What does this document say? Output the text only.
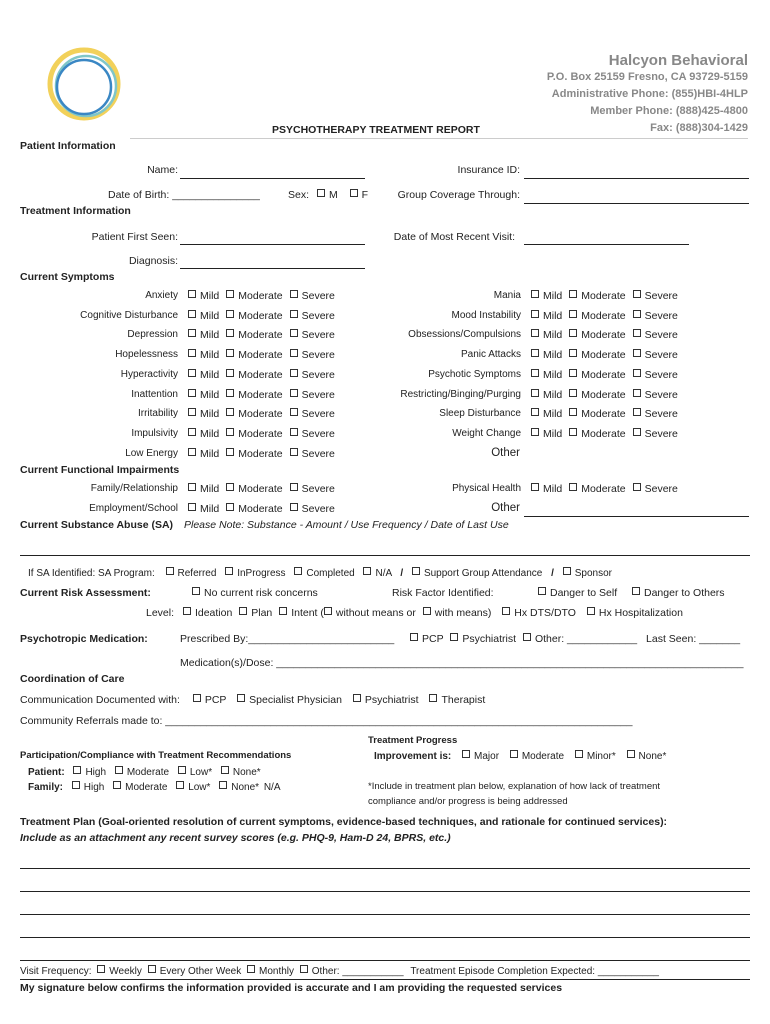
Halcyon Behavioral
P.O. Box 25159 Fresno, CA 93729-5159
Administrative Phone: (855)HBI-4HLP
Member Phone: (888)425-4800
Fax: (888)304-1429
PSYCHOTHERAPY TREATMENT REPORT
Patient Information
Name:	Insurance ID:
Date of Birth: _______________	Sex: M F	Group Coverage Through:
Treatment Information
Patient First Seen:	Date of Most Recent Visit:
Diagnosis:
Current Symptoms
Anxiety	Mild Moderate Severe
Cognitive Disturbance	Mild Moderate Severe
Depression	Mild Moderate Severe
Hopelessness	Mild Moderate Severe
Hyperactivity	Mild Moderate Severe
Inattention	Mild Moderate Severe
Irritability	Mild Moderate Severe
Impulsivity	Mild Moderate Severe
Low Energy	Mild Moderate Severe
Mania	Mild Moderate Severe
Mood Instability	Mild Moderate Severe
Obsessions/Compulsions	Mild Moderate Severe
Panic Attacks	Mild Moderate Severe
Psychotic Symptoms	Mild Moderate Severe
Restricting/Binging/Purging	Mild Moderate Severe
Sleep Disturbance	Mild Moderate Severe
Weight Change	Mild Moderate Severe
Other
Current Functional Impairments
Family/Relationship	Mild Moderate Severe
Employment/School	Mild Moderate Severe
Physical Health	Mild Moderate Severe
Other
Current Substance Abuse (SA) Please Note: Substance - Amount / Use Frequency / Date of Last Use
If SA Identified: SA Program: Referred InProgress Completed N/A / Support Group Attendance / Sponsor
Current Risk Assessment:	No current risk concerns	Risk Factor Identified:	Danger to Self	Danger to Others
Level: Ideation Plan Intent ( without means or with means) Hx DTS/DTO Hx Hospitalization
Psychotropic Medication:	Prescribed By:_________________________	PCP Psychiatrist Other: ____________ Last Seen: _______
Medication(s)/Dose: ________________________________________________________________________________
Coordination of Care
Communication Documented with: PCP Specialist Physician Psychiatrist Therapist
Community Referrals made to: ________________________________________________________________________________
Participation/Compliance with Treatment Recommendations
Patient: High Moderate Low* None*
Family: High Moderate Low* None* N/A
Treatment Progress
Improvement is: Major Moderate Minor* None*
*Include in treatment plan below, explanation of how lack of treatment
compliance and/or progress is being addressed
Treatment Plan (Goal-oriented resolution of current symptoms, evidence-based techniques, and rationale for continued services):
Include as an attachment any recent survey scores (e.g. PHQ-9, Ham-D 24, BPRS, etc.)
Visit Frequency: Weekly Every Other Week Monthly Other: ___________ Treatment Episode Completion Expected: ___________
My signature below confirms the information provided is accurate and I am providing the requested services
